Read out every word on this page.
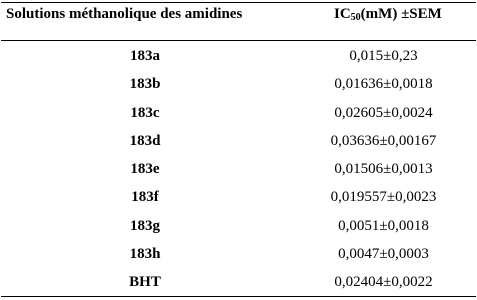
Solutions méthanolique des amidines	$IC_{50}(mM) \pm SEM$
183a	0,015±0,23
183b	0,01636±0,0018
183c	0,02605±0,0024
183d	0,03636±0,00167
183e	0,01506±0,0013
183f	0,019557±0,0023
183g	0,0051±0,0018
183h	0,0047±0,0003
BHT	0,02404±0,0022
